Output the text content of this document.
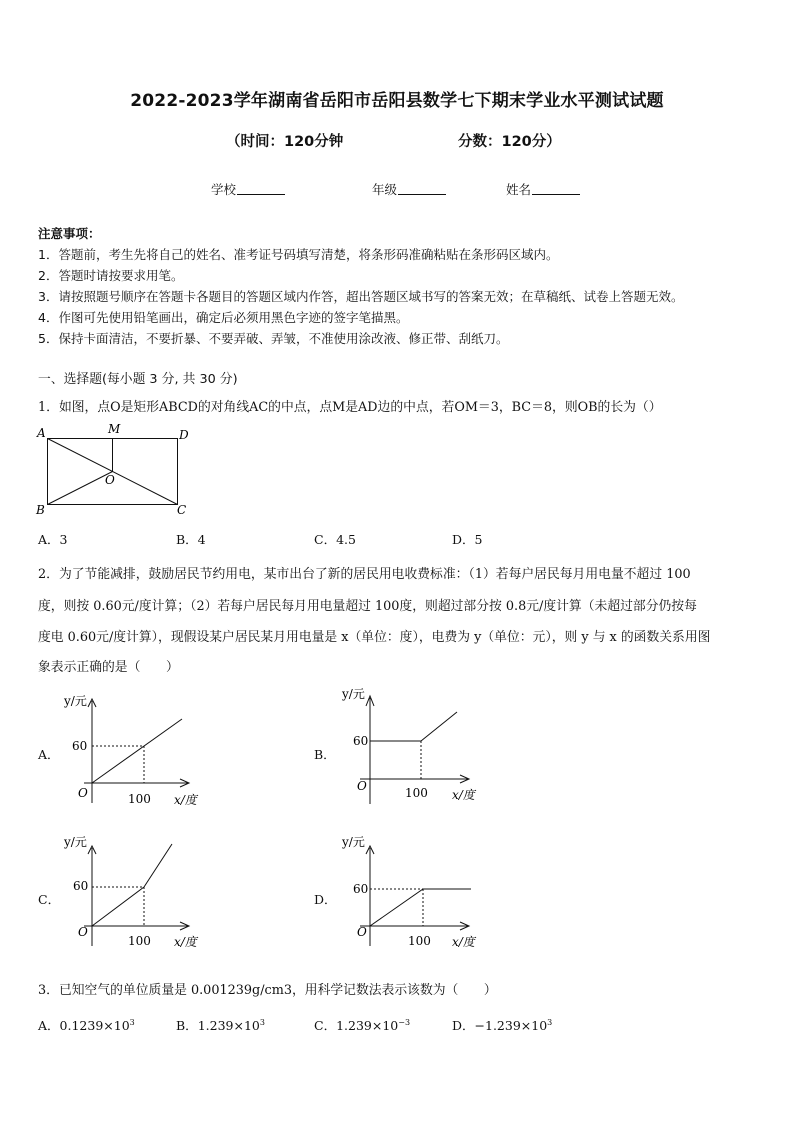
2022-2023学年湖南省岳阳市岳阳县数学七下期末学业水平测试试题
（时间：120分钟	分数：120分）
学校	年级	姓名
注意事项：
1．答题前，考生先将自己的姓名、准考证号码填写清楚，将条形码准确粘贴在条形码区域内。
2．答题时请按要求用笔。
3．请按照题号顺序在答题卡各题目的答题区域内作答，超出答题区域书写的答案无效；在草稿纸、试卷上答题无效。
4．作图可先使用铅笔画出，确定后必须用黑色字迹的签字笔描黑。
5．保持卡面清洁，不要折暴、不要弄破、弄皱，不准使用涂改液、修正带、刮纸刀。
一、选择题(每小题 3 分, 共 30 分)
1．如图，点O是矩形ABCD的对角线AC的中点，点M是AD边的中点，若OM＝3，BC＝8，则OB的长为（）
A	M	D
O
B	C
A．3	B．4	C．4.5	D．5
2．为了节能减排，鼓励居民节约用电，某市出台了新的居民用电收费标准：（1）若每户居民每月用电量不超过 100
度，则按 0.60元/度计算；（2）若每户居民每月用电量超过 100度，则超过部分按 0.8元/度计算（未超过部分仍按每
度电 0.60元/度计算），现假设某户居民某月用电量是 x（单位：度），电费为 y（单位：元），则 y 与 x 的函数关系用图
象表示正确的是（　　）
A．	B．
C．	D．
y/元
x/度
O
60
100
y/元
x/度
O
60
100
y/元
x/度
O
60
100
y/元
x/度
O
60
100
3．已知空气的单位质量是 0.001239g/cm3，用科学记数法表示该数为（　　）
A．$0.1239\times 10^3$	B．$1.239\times 10^3$	C．$1.239\times 10^{-3}$	D．$-1.239\times 10^3$
